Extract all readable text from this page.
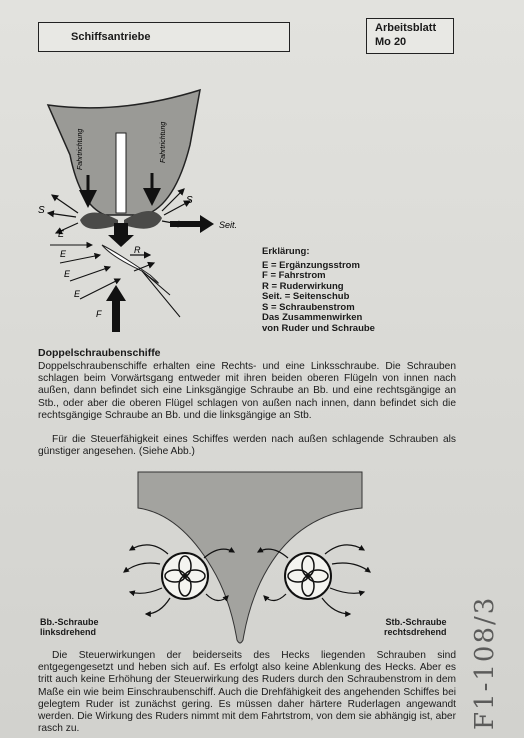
Schiffsantriebe
Arbeitsblatt
Mo 20
Fahrtrichtung	Fahrtrichtung
S
S
Seit.
R
E
E
E
E
F
Erklärung:
E = Ergänzungsstrom
F = Fahrstrom
R = Ruderwirkung
Seit. = Seitenschub
S = Schraubenstrom
Das Zusammenwirken
von Ruder und Schraube
Doppelschraubenschiffe
Doppelschraubenschiffe erhalten eine Rechts- und eine Linksschraube. Die Schrauben schlagen beim Vorwärtsgang entweder mit ihren beiden oberen Flügeln von innen nach außen, dann befindet sich eine Linksgängige Schraube an Bb. und eine rechtsgängige an Stb., oder aber die oberen Flügel schlagen von außen nach innen, dann befindet sich die rechtsgängige Schraube an Bb. und die linksgängige an Stb.
Für die Steuerfähigkeit eines Schiffes werden nach außen schlagende Schrauben als günstiger angesehen. (Siehe Abb.)
Bb.-Schraube
linksdrehend
Stb.-Schraube
rechtsdrehend
Die Steuerwirkungen der beiderseits des Hecks liegenden Schrauben sind entgegengesetzt und heben sich auf. Es erfolgt also keine Ablenkung des Hecks. Aber es tritt auch keine Erhöhung der Steuerwirkung des Ruders durch den Schraubenstrom in dem Maße ein wie beim Einschraubenschiff. Auch die Drehfähigkeit des angehenden Schiffes bei gelegtem Ruder ist zunächst gering. Es müssen daher härtere Ruderlagen angewandt werden. Die Wirkung des Ruders nimmt mit dem Fahrtstrom, von dem sie abhängig ist, aber rasch zu.	F1-108/3
